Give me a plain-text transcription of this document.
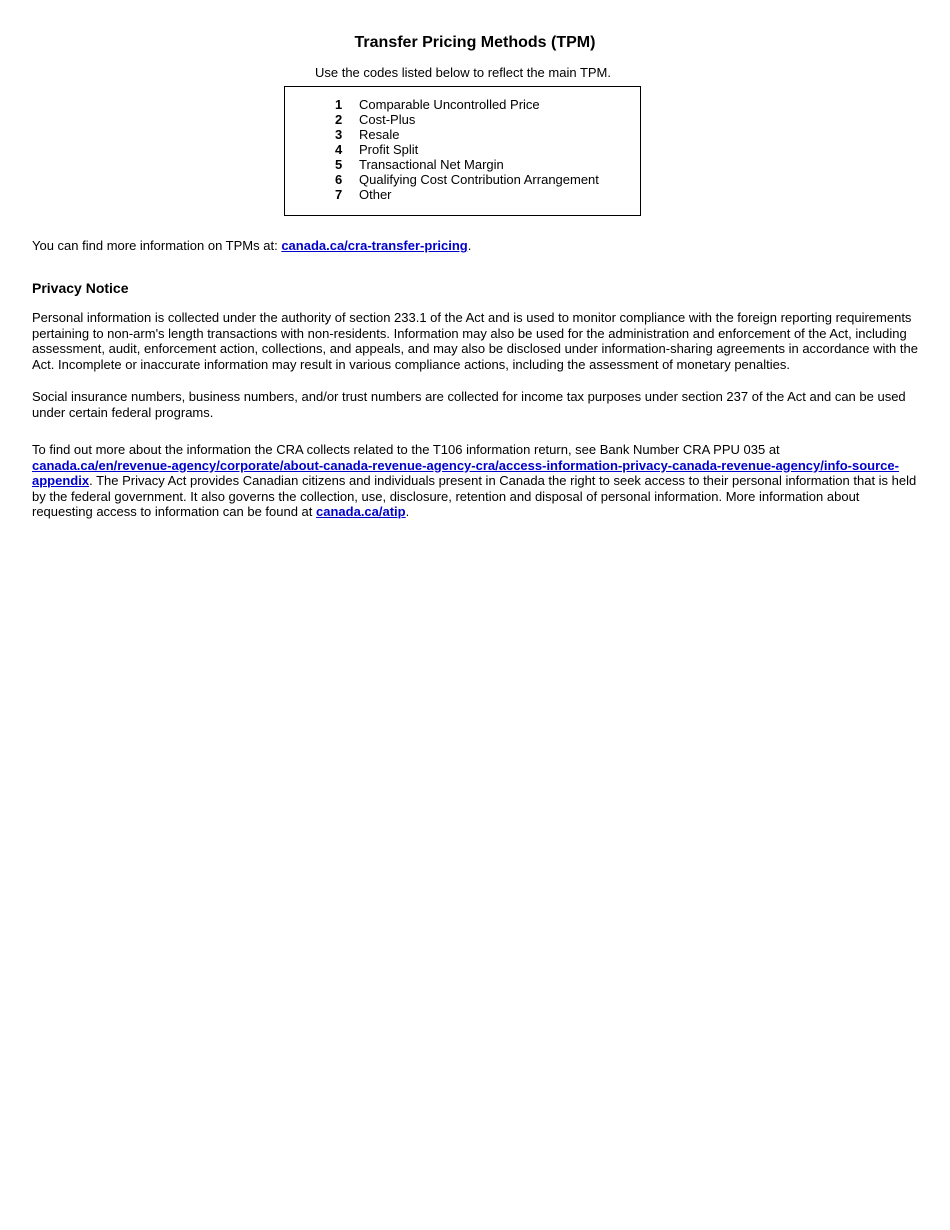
Transfer Pricing Methods (TPM)
Use the codes listed below to reflect the main TPM.
1	Comparable Uncontrolled Price
2	Cost-Plus
3	Resale
4	Profit Split
5	Transactional Net Margin
6	Qualifying Cost Contribution Arrangement
7	Other
You can find more information on TPMs at: canada.ca/cra-transfer-pricing.
Privacy Notice

Personal information is collected under the authority of section 233.1 of the Act and is used to monitor compliance with the foreign reporting requirements pertaining to non-arm's length transactions with non-residents. Information may also be used for the administration and enforcement of the Act, including assessment, audit, enforcement action, collections, and appeals, and may also be disclosed under information-sharing agreements in accordance with the Act. Incomplete or inaccurate information may result in various compliance actions, including the assessment of monetary penalties.

Social insurance numbers, business numbers, and/or trust numbers are collected for income tax purposes under section 237 of the Act and can be used under certain federal programs.

To find out more about the information the CRA collects related to the T106 information return, see Bank Number CRA PPU 035 at canada.ca/en/revenue-agency/corporate/about-canada-revenue-agency-cra/access-information-privacy-canada-revenue-agency/info-source-appendix. The Privacy Act provides Canadian citizens and individuals present in Canada the right to seek access to their personal information that is held by the federal government. It also governs the collection, use, disclosure, retention and disposal of personal information. More information about requesting access to information can be found at canada.ca/atip.
